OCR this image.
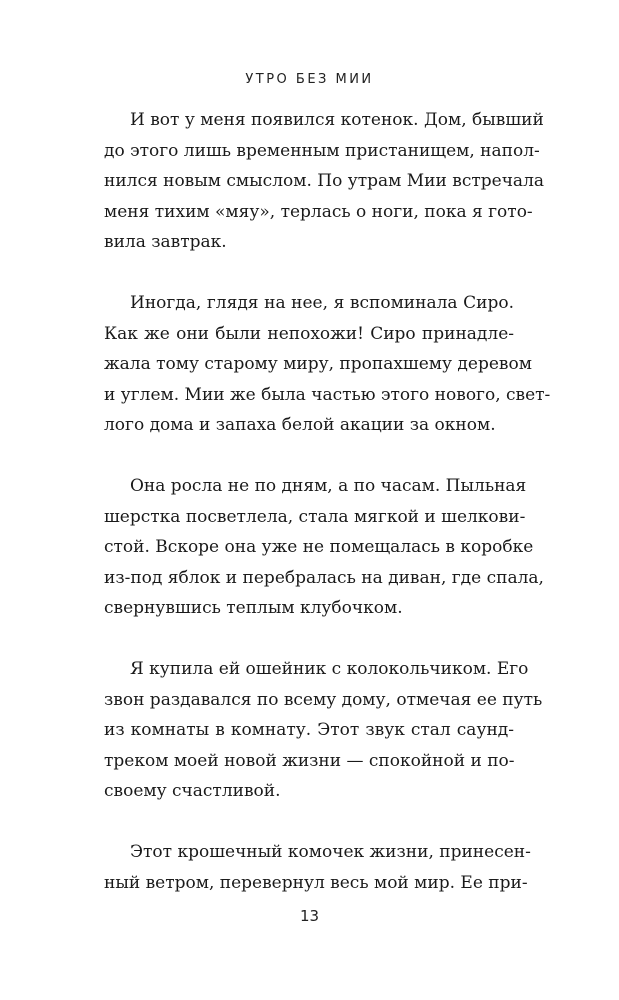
УТРО БЕЗ МИИ
И вот у меня появился котенок. Дом, бывший
до этого лишь временным пристанищем, напол-
нился новым смыслом. По утрам Мии встречала
меня тихим «мяу», терлась о ноги, пока я гото-
вила завтрак.
Иногда, глядя на нее, я вспоминала Сиро.
Как же они были непохожи! Сиро принадле-
жала тому старому миру, пропахшему деревом
и углем. Мии же была частью этого нового, свет-
лого дома и запаха белой акации за окном.
Она росла не по дням, а по часам. Пыльная
шерстка посветлела, стала мягкой и шелкови-
стой. Вскоре она уже не помещалась в коробке
из-под яблок и перебралась на диван, где спала,
свернувшись теплым клубочком.
Я купила ей ошейник с колокольчиком. Его
звон раздавался по всему дому, отмечая ее путь
из комнаты в комнату. Этот звук стал саунд-
треком моей новой жизни — спокойной и по-
своему счастливой.
Этот крошечный комочек жизни, принесен-
ный ветром, перевернул весь мой мир. Ее при-
13
